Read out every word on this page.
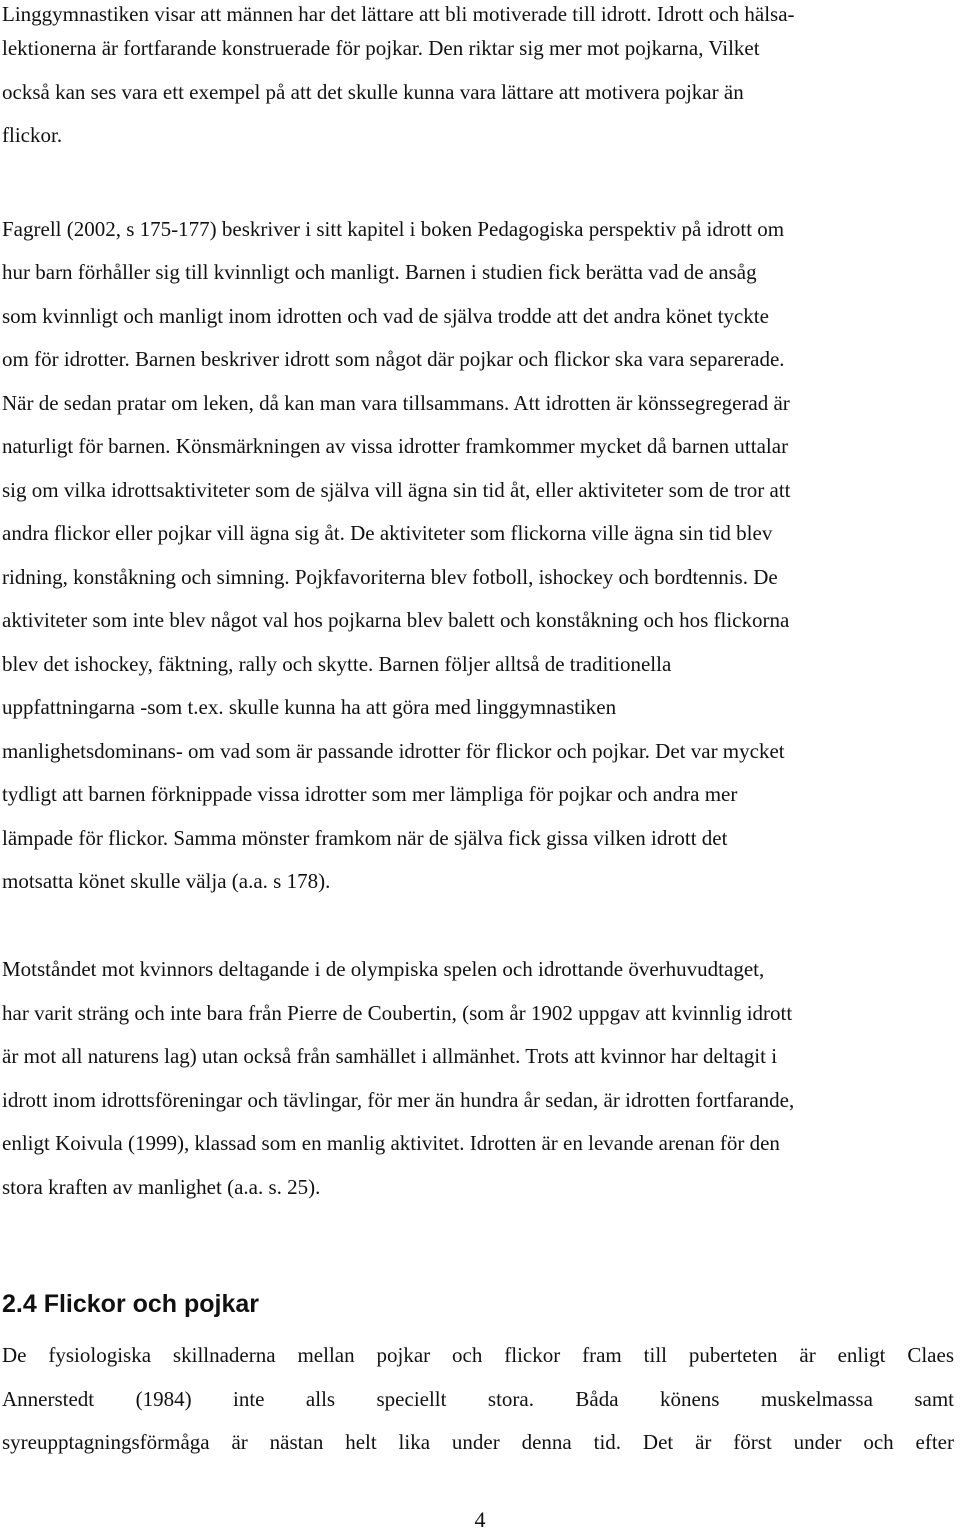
Linggymnastiken visar att männen har det lättare att bli motiverade till idrott. Idrott och hälsa-
lektionerna är fortfarande konstruerade för pojkar. Den riktar sig mer mot pojkarna, Vilket
också kan ses vara ett exempel på att det skulle kunna vara lättare att motivera pojkar än
flickor.
Fagrell (2002, s 175-177) beskriver i sitt kapitel i boken Pedagogiska perspektiv på idrott om
hur barn förhåller sig till kvinnligt och manligt. Barnen i studien fick berätta vad de ansåg
som kvinnligt och manligt inom idrotten och vad de själva trodde att det andra könet tyckte
om för idrotter. Barnen beskriver idrott som något där pojkar och flickor ska vara separerade.
När de sedan pratar om leken, då kan man vara tillsammans. Att idrotten är könssegregerad är
naturligt för barnen. Könsmärkningen av vissa idrotter framkommer mycket då barnen uttalar
sig om vilka idrottsaktiviteter som de själva vill ägna sin tid åt, eller aktiviteter som de tror att
andra flickor eller pojkar vill ägna sig åt. De aktiviteter som flickorna ville ägna sin tid blev
ridning, konståkning och simning. Pojkfavoriterna blev fotboll, ishockey och bordtennis. De
aktiviteter som inte blev något val hos pojkarna blev balett och konståkning och hos flickorna
blev det ishockey, fäktning, rally och skytte. Barnen följer alltså de traditionella
uppfattningarna -som t.ex. skulle kunna ha att göra med linggymnastiken
manlighetsdominans- om vad som är passande idrotter för flickor och pojkar. Det var mycket
tydligt att barnen förknippade vissa idrotter som mer lämpliga för pojkar och andra mer
lämpade för flickor. Samma mönster framkom när de själva fick gissa vilken idrott det
motsatta könet skulle välja (a.a. s 178).
Motståndet mot kvinnors deltagande i de olympiska spelen och idrottande överhuvudtaget,
har varit sträng och inte bara från Pierre de Coubertin, (som år 1902 uppgav att kvinnlig idrott
är mot all naturens lag) utan också från samhället i allmänhet. Trots att kvinnor har deltagit i
idrott inom idrottsföreningar och tävlingar, för mer än hundra år sedan, är idrotten fortfarande,
enligt Koivula (1999), klassad som en manlig aktivitet. Idrotten är en levande arenan för den
stora kraften av manlighet (a.a. s. 25).
2.4 Flickor och pojkar
De fysiologiska skillnaderna mellan pojkar och flickor fram till puberteten är enligt Claes
Annerstedt (1984) inte alls speciellt stora. Båda könens muskelmassa samt
syreupptagningsförmåga är nästan helt lika under denna tid. Det är först under och efter
4
